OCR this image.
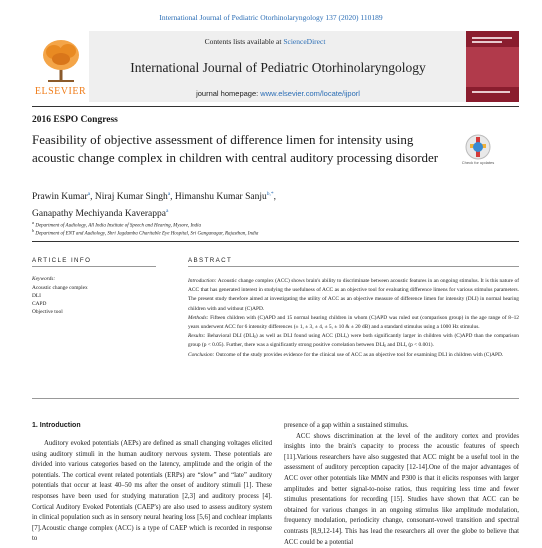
International Journal of Pediatric Otorhinolaryngology 137 (2020) 110189
ELSEVIER
Contents lists available at ScienceDirect
International Journal of Pediatric Otorhinolaryngology
journal homepage: www.elsevier.com/locate/ijporl
2016 ESPO Congress
Feasibility of objective assessment of difference limen for intensity using acoustic change complex in children with central auditory processing disorder	Check for updates
Prawin Kumar$^a$, Niraj Kumar Singh$^a$, Himanshu Kumar Sanju$^{b,*}$,
Ganapathy Mechiyanda Kaverappa$^a$
$^a$ Department of Audiology, All India Institute of Speech and Hearing, Mysore, India
$^b$ Department of ENT and Audiology, Shri Jagdamba Charitable Eye Hospital, Sri Ganganagar, Rajasthan, India
ARTICLE INFO
Keywords:
Acoustic change complex
DLI
CAPD
Objective tool
ABSTRACT

Introduction: Acoustic change complex (ACC) shows brain's ability to discriminate between acoustic features in an ongoing stimulus. It is this nature of ACC that has generated interest in studying the usefulness of ACC as an objective tool for evaluating difference limens for various stimulus parameters. The present study therefore aimed at investigating the utility of ACC as an objective measure of difference limen for intensity (DLI) in normal hearing children with and without (C)APD.

Methods: Fifteen children with (C)APD and 15 normal hearing children in whom (C)APD was ruled out (comparison group) in the age range of 8–12 years underwent ACC for 6 intensity differences (± 1, ± 3, ± 4, ± 5, ± 10 & ± 20 dB) and a standard stimulus using a 1000 Hz stimulus.

Results: Behavioral DLI (DLIᵦ) as well as DLI found using ACC (DLIₐ) were both significantly larger in children with (C)APD than the comparison group (p < 0.05). Further, there was a significantly strong positive correlation between DLIᵦ and DLIₐ (p < 0.001).

Conclusion: Outcome of the study provides evidence for the clinical use of ACC as an objective tool for examining DLI in children with (C)APD.

1. Introduction

Auditory evoked potentials (AEPs) are defined as small changing voltages elicited using auditory stimuli in the human auditory nervous system. These potentials are divided into various categories based on the latency, amplitude and the origin of the potentials. The cortical event related potentials (ERPs) are “slow” and “late” auditory potentials that occur at least 40–50 ms after the onset of auditory stimuli [1]. These responses have been used for studying maturation [2,3] and auditory process [4]. Cortical Auditory Evoked Potentials (CAEP's) are also used to assess auditory system in clinical population such as in sensory neural hearing loss [5,6] and cochlear implants [7].Acoustic change complex (ACC) is a type of CAEP which is recorded in response to

presence of a gap within a sustained stimulus.

ACC shows discrimination at the level of the auditory cortex and provides insights into the brain's capacity to process the acoustic features of speech [11].Various researchers have also suggested that ACC might be a useful tool in the assessment of auditory perception capacity [12-14].One of the major advantages of ACC over other potentials like MMN and P300 is that it elicits responses with larger amplitudes and better signal-to-noise ratios, thus requiring less time and fewer stimulus presentations for recording [15]. Studies have shown that ACC can be obtained for various changes in an ongoing stimulus like amplitude modulation, frequency modulation, periodicity change, consonant-vowel transition and spectral contrasts [8,9,12-14]. This has lead the researchers all over the globe to believe that ACC could be a potential
